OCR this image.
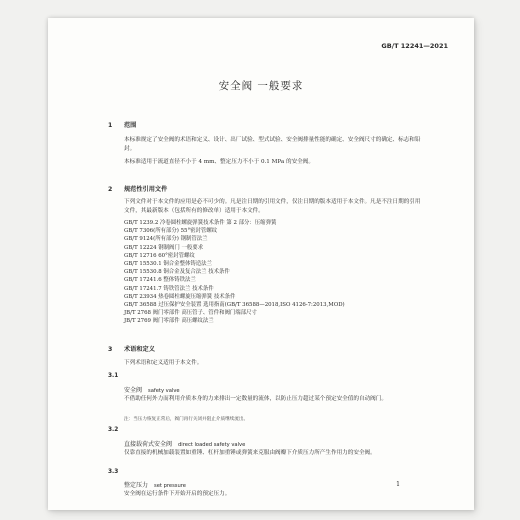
GB/T 12241—2021
安全阀 一般要求
1 范围
本标准规定了安全阀的术语和定义、设计、出厂试验、型式试验、安全阀排量性能的确定、安全阀尺寸的确定、标志和铅封。
本标准适用于流道直径不小于 4 mm、整定压力不小于 0.1 MPa 的安全阀。
2 规范性引用文件
下列文件对于本文件的应用是必不可少的。凡是注日期的引用文件，仅注日期的版本适用于本文件。凡是不注日期的引用文件，其最新版本（包括所有的修改单）适用于本文件。
GB/T 1239.2 冷卷圆柱螺旋弹簧技术条件 第 2 部分：压缩弹簧
GB/T 7306(所有部分) 55°密封管螺纹
GB/T 9124(所有部分) 钢制管法兰
GB/T 12224 钢制阀门 一般要求
GB/T 12716 60°密封管螺纹
GB/T 15530.1 铜合金整体铸造法兰
GB/T 15530.8 铜合金及复合法兰 技术条件
GB/T 17241.6 整体铸铁法兰
GB/T 17241.7 铸铁管法兰 技术条件
GB/T 23934 热卷圆柱螺旋压缩弹簧 技术条件
GB/T 36588 过压保护安全装置 选用指南(GB/T 36588—2018,ISO 4126-7:2013,MOD)
JB/T 2768 阀门零部件 高压管子、管件和阀门端部尺寸
JB/T 2769 阀门零部件 高压螺纹法兰
3 术语和定义
下列术语和定义适用于本文件。
3.1
安全阀 safety valve
不借助任何外力而利用介质本身的力来排出一定数量的流体，以防止压力超过某个预定安全值的自动阀门。
注：当压力恢复正常后，阀门再行关闭并阻止介质继续流出。
3.2
直接载荷式安全阀 direct loaded safety valve
仅靠直接的机械加载装置如重锤、杠杆加重锤或弹簧来克服由阀瓣下介质压力所产生作用力的安全阀。
3.3
整定压力 set pressure
安全阀在运行条件下开始开启的预定压力。
1
